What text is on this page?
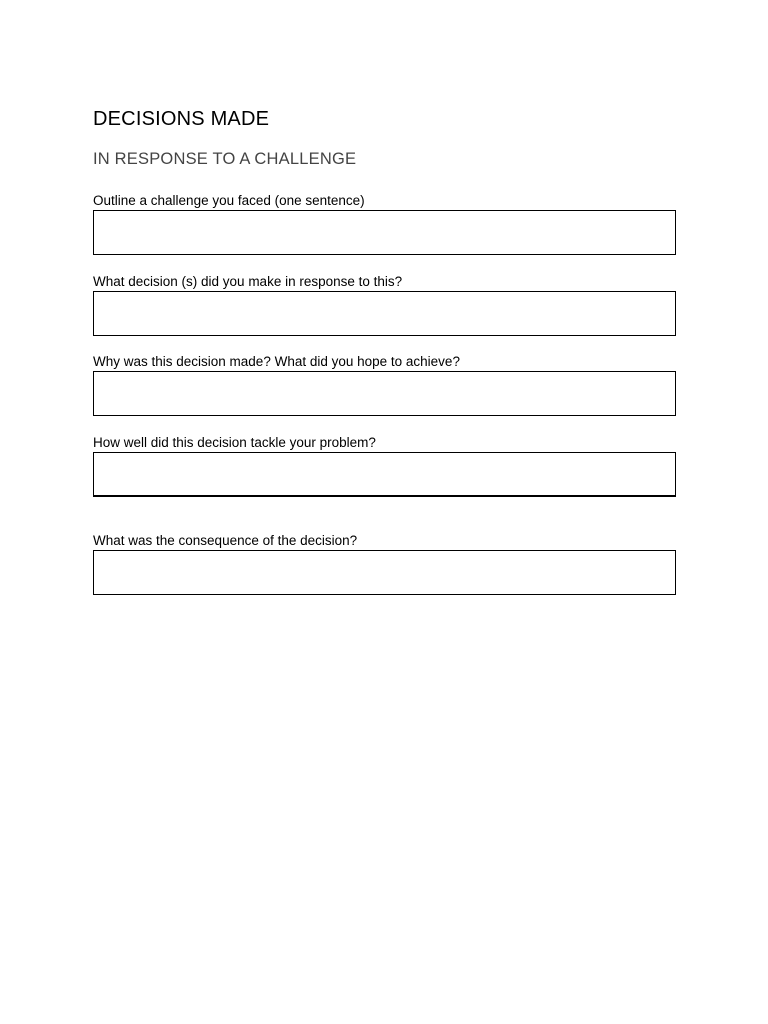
DECISIONS MADE
IN RESPONSE TO A CHALLENGE
Outline a challenge you faced (one sentence)
What decision (s) did you make in response to this?
Why was this decision made? What did you hope to achieve?
How well did this decision tackle your problem?
What was the consequence of the decision?
